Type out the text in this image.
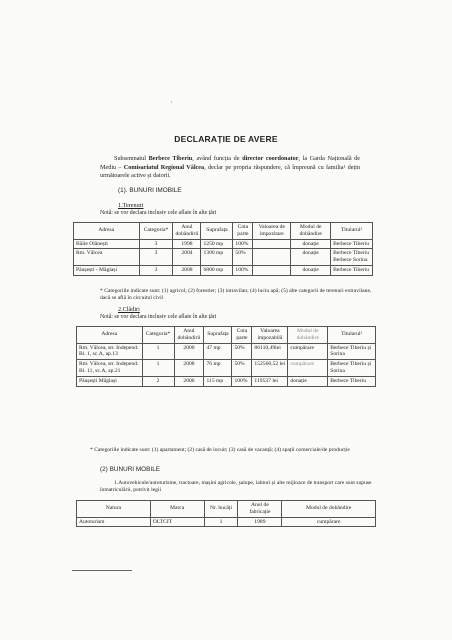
'
DECLARAȚIE DE AVERE
Subsemnatul Berbece Tiberiu, având funcția de director coordonator, la Garda Națională de Mediu – Comisariatul Regional Vâlcea, declar pe propria răspundere, că împreună cu familia¹ dețin următoarele active și datorii.
(1). BUNURI IMOBILE
1.Terenuri
Notă: se vor declara inclusiv cele aflate în alte țări
Adresa	Categoria*	Anul dobândirii	Suprafața	Cota parte	Valoarea de impozitare	Modul de dobândire	Titularul²
Băile Olănești	3	1998	1250 mp	100%		donație	Berbece Tiberiu
Rm. Vâlcea	3	2004	1300 mp	50%		donație	Berbece Tiberiu Berbece Sorina
Păușești - Măglași	3	2008	6800 mp	100%		donație	Berbece Tiberiu
* Categoriile indicate sunt: (1) agricol; (2) forestier; (3) intravilan; (4) luciu apă; (5) alte categorii de terenuri extravilane, dacă se află în circuitul civil
2.Clădiri
Notă: se vor declara inclusiv cele aflate în alte țări
Adresa	Categoria*	Anul dobândirii	Suprafața	Cota parte	Valoarea impozabilă	Modul de dobândire	Titularul²
Rm. Vâlcea, str. Independ. Bl. 1, sc.A, ap.13	1	2000	47 mp	50%	86110,49lei	cumpărare	Berbece Tiberiu și Sorina
Rm. Vâlcea, str. Independ. Bl. 11, sc.A, ap.21	1	2008	76 mp	50%	152560,52 lei	cumpărare	Berbece Tiberiu și Sorina
Păușești Măglași	2	2006	115 mp	100%	119537 lei	donație	Berbece Tiberiu
* Categoriile indicate sunt: (1) apartament; (2) casă de locuit; (3) casă de vacanță; (4) spații comerciale/de producție
(2) BUNURI MOBILE
1.Autovehicule/autoturisme, tractoare, mașini agricole, șalupe, iahturi și alte mijloace de transport care sunt supuse înmatriculării, potrivit legii
Natura	Marca	Nr. bucăți	Anul de fabricație	Modul de dobândire
Autoturism	OLTCIT	1	1989	cumpărare
